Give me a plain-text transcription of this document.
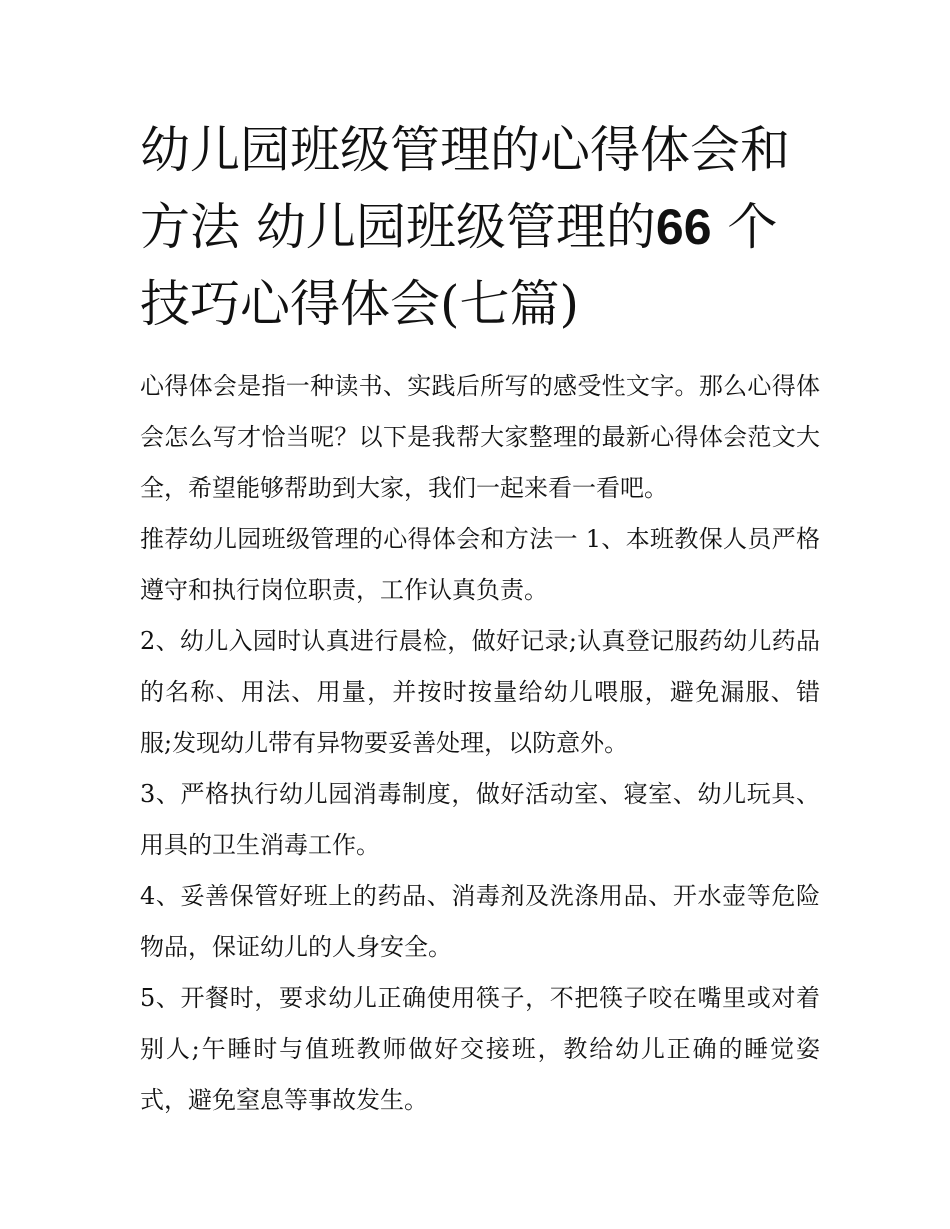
幼儿园班级管理的心得体会和
方法 幼儿园班级管理的66 个
技巧心得体会(七篇)

心得体会是指一种读书、实践后所写的感受性文字。那么心得体会怎么写才恰当呢？以下是我帮大家整理的最新心得体会范文大全，希望能够帮助到大家，我们一起来看一看吧。

推荐幼儿园班级管理的心得体会和方法一 1、本班教保人员严格遵守和执行岗位职责，工作认真负责。

2、幼儿入园时认真进行晨检，做好记录;认真登记服药幼儿药品的名称、用法、用量，并按时按量给幼儿喂服，避免漏服、错服;发现幼儿带有异物要妥善处理，以防意外。

3、严格执行幼儿园消毒制度，做好活动室、寝室、幼儿玩具、用具的卫生消毒工作。

4、妥善保管好班上的药品、消毒剂及洗涤用品、开水壶等危险物品，保证幼儿的人身安全。

5、开餐时，要求幼儿正确使用筷子，不把筷子咬在嘴里或对着别人;午睡时与值班教师做好交接班，教给幼儿正确的睡觉姿式，避免窒息等事故发生。
